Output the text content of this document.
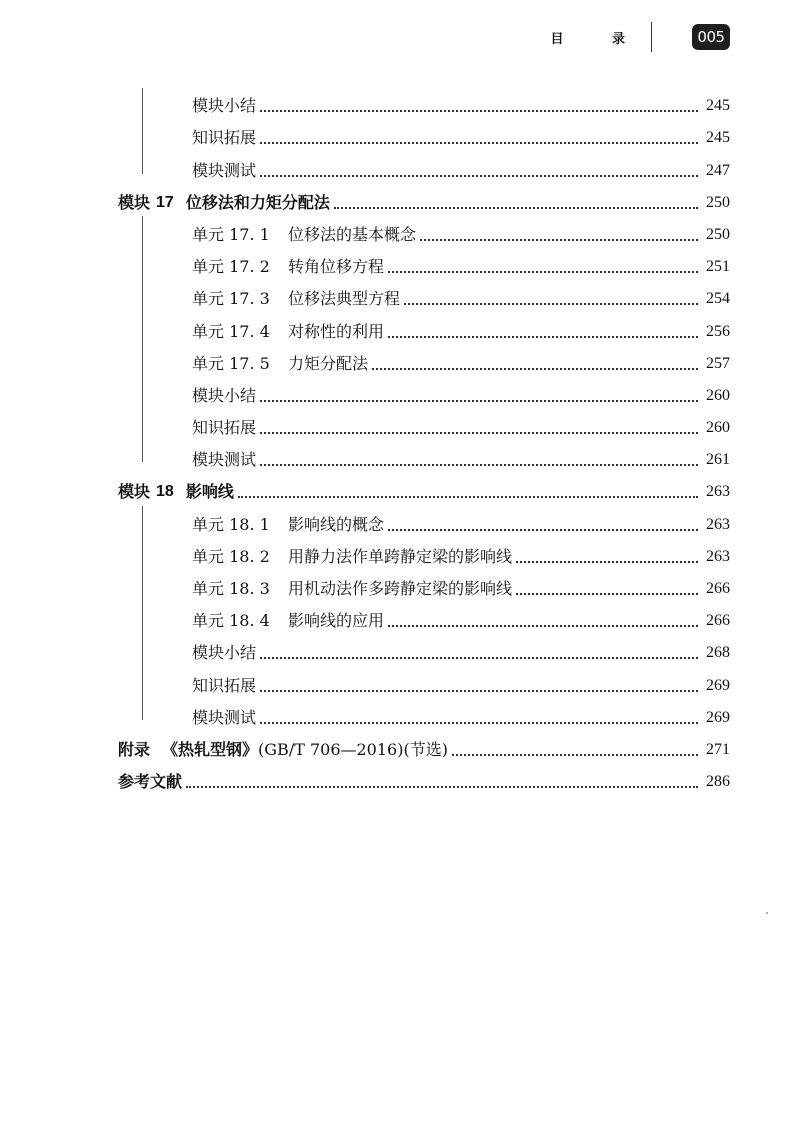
目 录	005
模块小结	245
知识拓展	245
模块测试	247
模块 17 位移法和力矩分配法	250
单元 17. 1	位移法的基本概念	250
单元 17. 2	转角位移方程	251
单元 17. 3	位移法典型方程	254
单元 17. 4	对称性的利用	256
单元 17. 5	力矩分配法	257
模块小结	260
知识拓展	260
模块测试	261
模块 18 影响线	263
单元 18. 1	影响线的概念	263
单元 18. 2	用静力法作单跨静定梁的影响线	263
单元 18. 3	用机动法作多跨静定梁的影响线	266
单元 18. 4	影响线的应用	266
模块小结	268
知识拓展	269
模块测试	269
附录 《热轧型钢》 (GB/T 706—2016)(节选)	271
参考文献	286
